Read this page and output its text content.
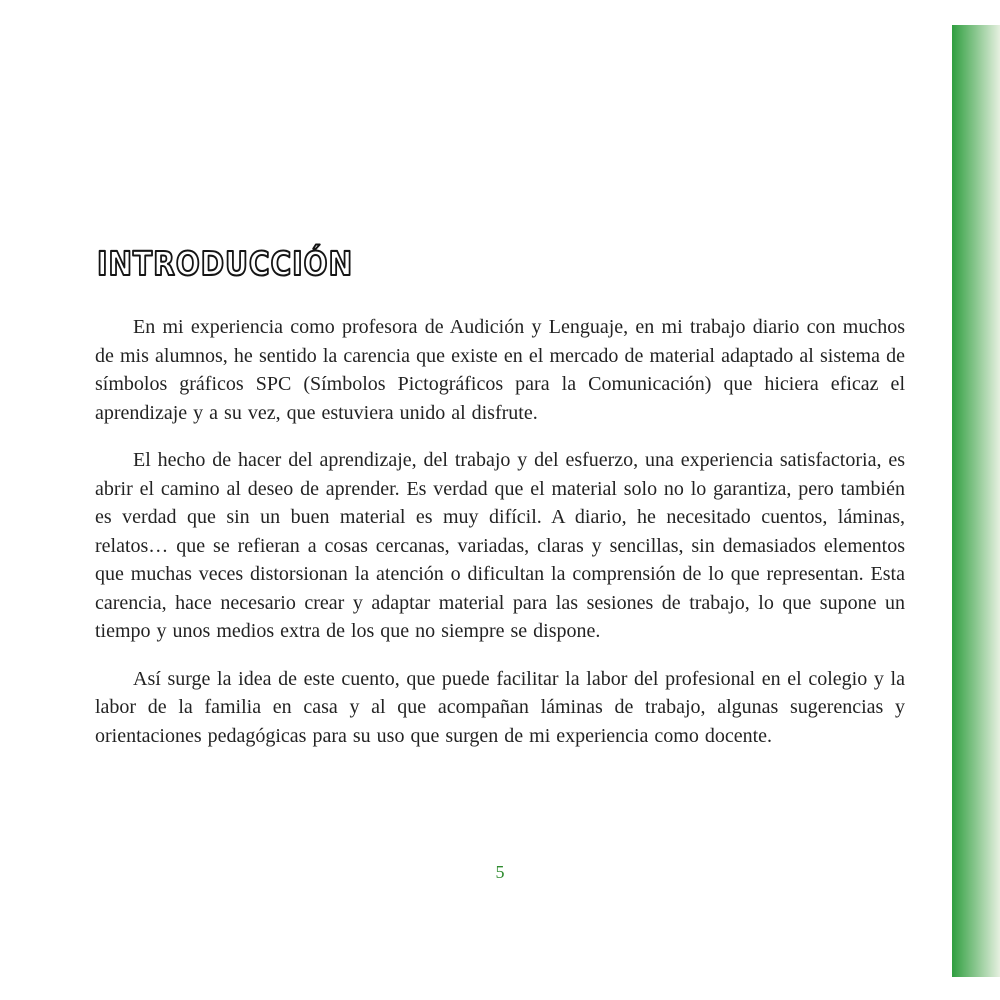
INTRODUCCIÓN

En mi experiencia como profesora de Audición y Lenguaje, en mi trabajo diario con muchos de mis alumnos, he sentido la carencia que existe en el mercado de material adaptado al sistema de símbolos gráficos SPC (Símbolos Pictográficos para la Comunicación) que hiciera eficaz el aprendizaje y a su vez, que estuviera unido al disfrute.

El hecho de hacer del aprendizaje, del trabajo y del esfuerzo, una experiencia satisfactoria, es abrir el camino al deseo de aprender. Es verdad que el material solo no lo garantiza, pero también es verdad que sin un buen material es muy difícil. A diario, he necesitado cuentos, láminas, relatos… que se refieran a cosas cercanas, variadas, claras y sencillas, sin demasiados elementos que muchas veces distorsionan la atención o dificultan la comprensión de lo que representan. Esta carencia, hace necesario crear y adaptar material para las sesiones de trabajo, lo que supone un tiempo y unos medios extra de los que no siempre se dispone.

Así surge la idea de este cuento, que puede facilitar la labor del profesional en el colegio y la labor de la familia en casa y al que acompañan láminas de trabajo, algunas sugerencias y orientaciones pedagógicas para su uso que surgen de mi experiencia como docente.

5
